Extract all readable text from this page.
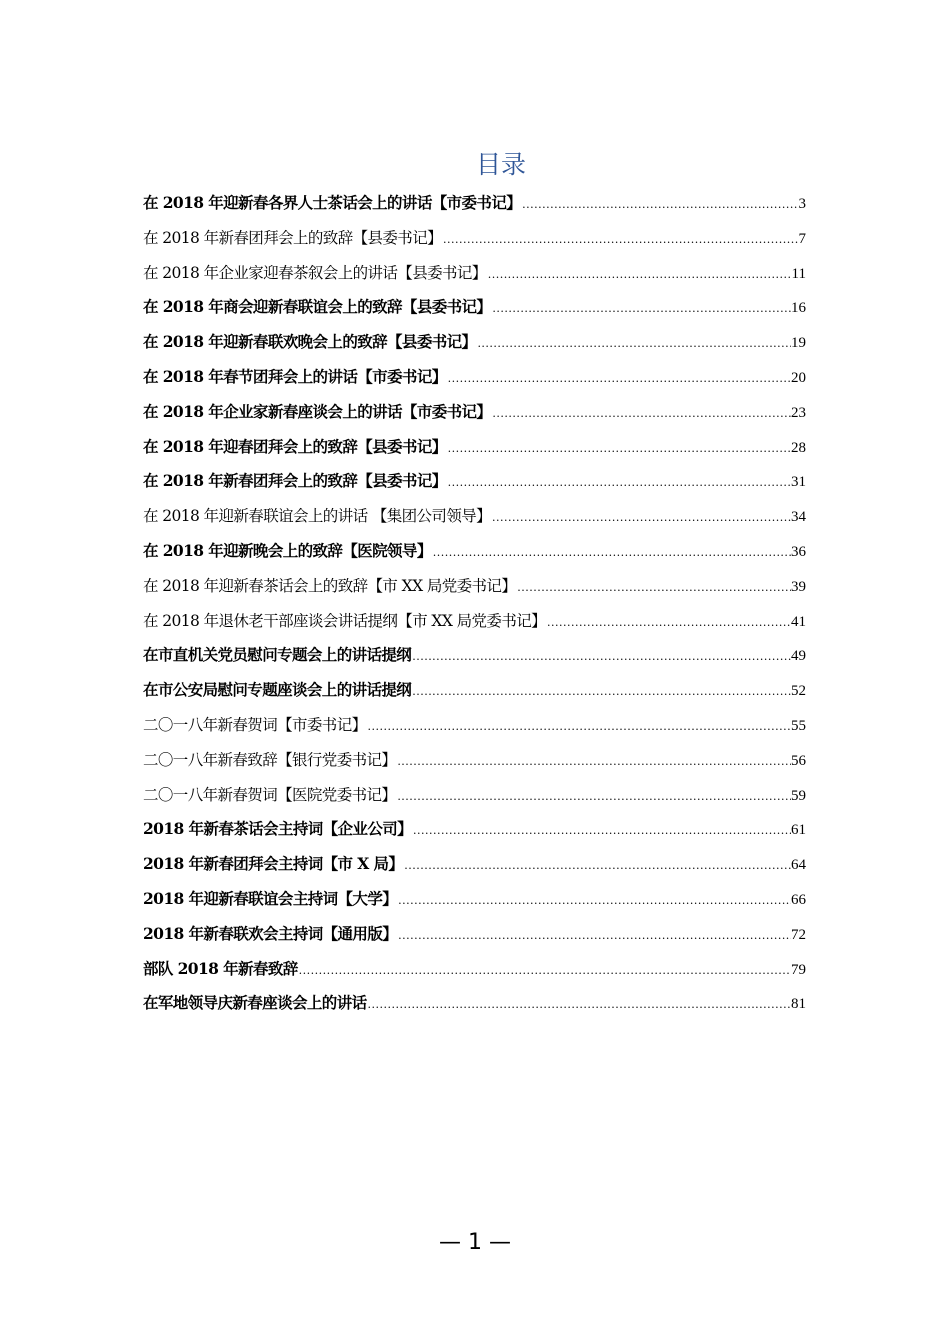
目录
在 2018 年迎新春各界人士茶话会上的讲话【市委书记】 .....	3
在 2018 年新春团拜会上的致辞【县委书记】 .....	7
在 2018 年企业家迎春茶叙会上的讲话【县委书记】 .....	11
在 2018 年商会迎新春联谊会上的致辞【县委书记】 .....	16
在 2018 年迎新春联欢晚会上的致辞【县委书记】 .....	19
在 2018 年春节团拜会上的讲话【市委书记】 .....	20
在 2018 年企业家新春座谈会上的讲话【市委书记】 .....	23
在 2018 年迎春团拜会上的致辞【县委书记】 .....	28
在 2018 年新春团拜会上的致辞【县委书记】 .....	31
在 2018 年迎新春联谊会上的讲话 【集团公司领导】 .....	34
在 2018 年迎新晚会上的致辞【医院领导】 .....	36
在 2018 年迎新春茶话会上的致辞【市 XX 局党委书记】 .....	39
在 2018 年退休老干部座谈会讲话提纲【市 XX 局党委书记】 .....	41
在市直机关党员慰问专题会上的讲话提纲 .....	49
在市公安局慰问专题座谈会上的讲话提纲 .....	52
二〇一八年新春贺词【市委书记】 .....	55
二〇一八年新春致辞【银行党委书记】 .....	56
二〇一八年新春贺词【医院党委书记】 .....	59
2018 年新春茶话会主持词【企业公司】 .....	61
2018 年新春团拜会主持词【市 X 局】 .....	64
2018 年迎新春联谊会主持词【大学】 .....	66
2018 年新春联欢会主持词【通用版】 .....	72
部队 2018 年新春致辞 .....	79
在军地领导庆新春座谈会上的讲话 .....	81
— 1 —
